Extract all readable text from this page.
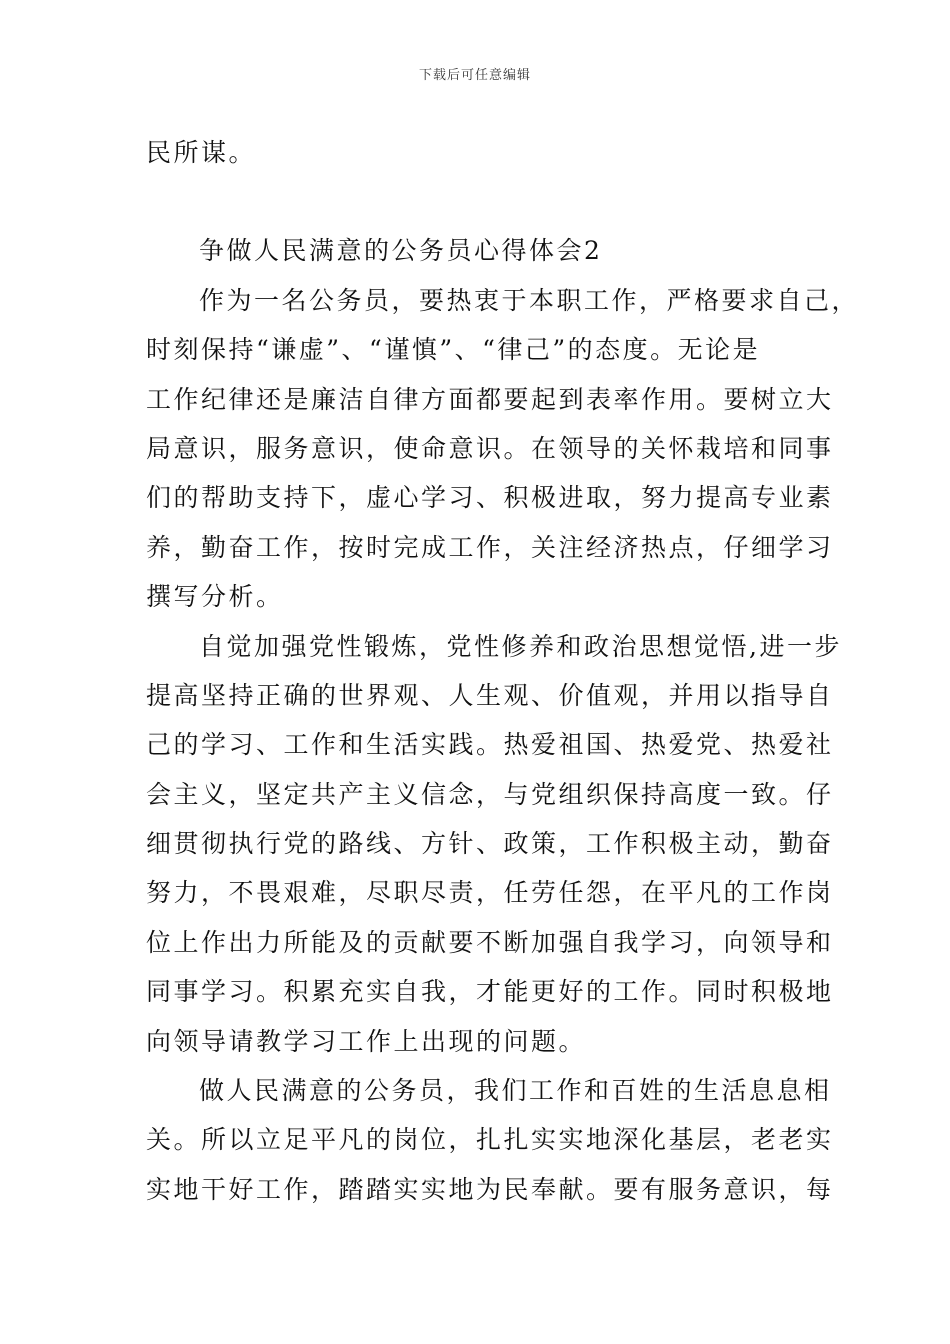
下载后可任意编辑
民所谋。
争做人民满意的公务员心得体会2
作为一名公务员，要热衷于本职工作，严格要求自己，
时刻保持“谦虚”、“谨慎”、“律己”的态度。无论是
工作纪律还是廉洁自律方面都要起到表率作用。要树立大
局意识，服务意识，使命意识。在领导的关怀栽培和同事
们的帮助支持下，虚心学习、积极进取，努力提高专业素
养，勤奋工作，按时完成工作，关注经济热点，仔细学习
撰写分析。
自觉加强党性锻炼，党性修养和政治思想觉悟,进一步
提高坚持正确的世界观、人生观、价值观，并用以指导自
己的学习、工作和生活实践。热爱祖国、热爱党、热爱社
会主义，坚定共产主义信念，与党组织保持高度一致。仔
细贯彻执行党的路线、方针、政策，工作积极主动，勤奋
努力，不畏艰难，尽职尽责，任劳任怨，在平凡的工作岗
位上作出力所能及的贡献要不断加强自我学习，向领导和
同事学习。积累充实自我，才能更好的工作。同时积极地
向领导请教学习工作上出现的问题。
做人民满意的公务员，我们工作和百姓的生活息息相
关。所以立足平凡的岗位，扎扎实实地深化基层，老老实
实地干好工作，踏踏实实地为民奉献。要有服务意识，每
